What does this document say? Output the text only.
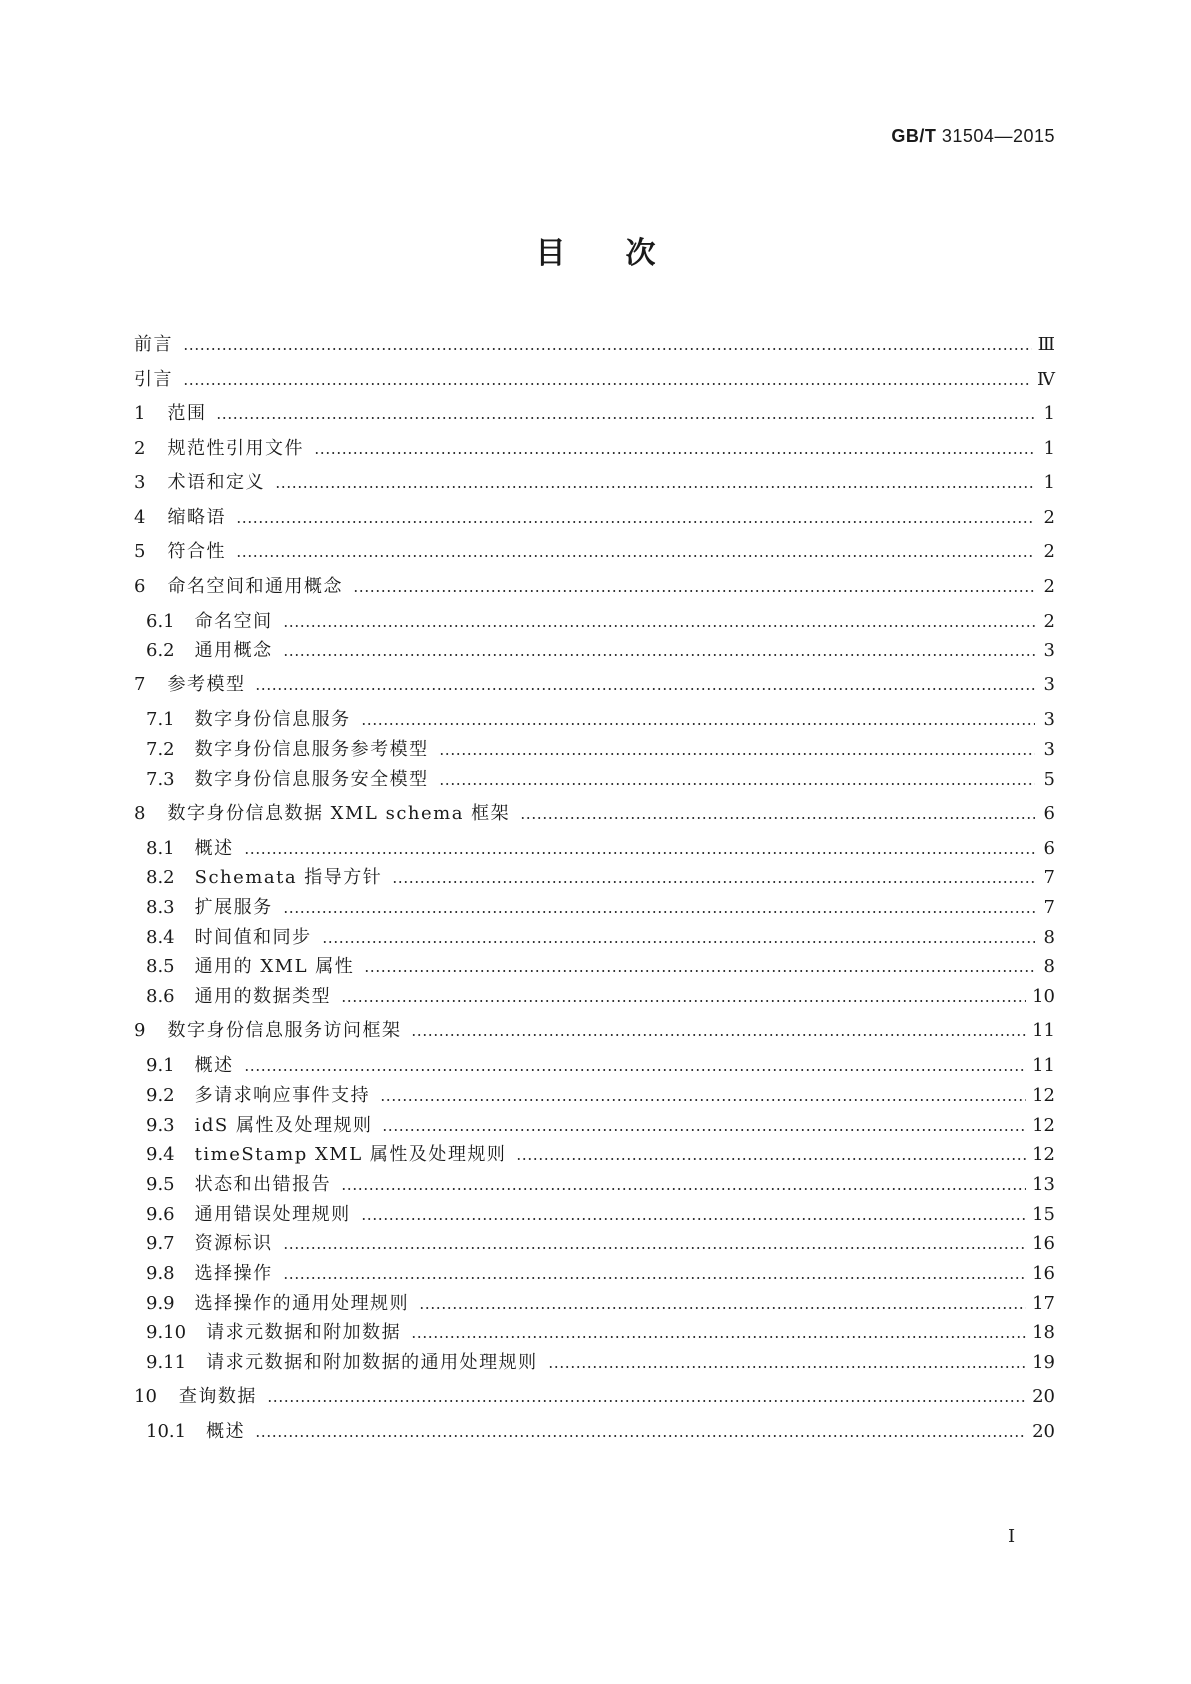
GB/T 31504—2015
目次
前言	Ⅲ
引言	Ⅳ
1 范围	1
2 规范性引用文件	1
3 术语和定义	1
4 缩略语	2
5 符合性	2
6 命名空间和通用概念	2
6.1 命名空间	2
6.2 通用概念	3
7 参考模型	3
7.1 数字身份信息服务	3
7.2 数字身份信息服务参考模型	3
7.3 数字身份信息服务安全模型	5
8 数字身份信息数据 XML schema 框架	6
8.1 概述	6
8.2 Schemata 指导方针	7
8.3 扩展服务	7
8.4 时间值和同步	8
8.5 通用的 XML 属性	8
8.6 通用的数据类型	10
9 数字身份信息服务访问框架	11
9.1 概述	11
9.2 多请求响应事件支持	12
9.3 idS 属性及处理规则	12
9.4 timeStamp XML 属性及处理规则	12
9.5 状态和出错报告	13
9.6 通用错误处理规则	15
9.7 资源标识	16
9.8 选择操作	16
9.9 选择操作的通用处理规则	17
9.10 请求元数据和附加数据	18
9.11 请求元数据和附加数据的通用处理规则	19
10 查询数据	20
10.1 概述	20
Ⅰ
